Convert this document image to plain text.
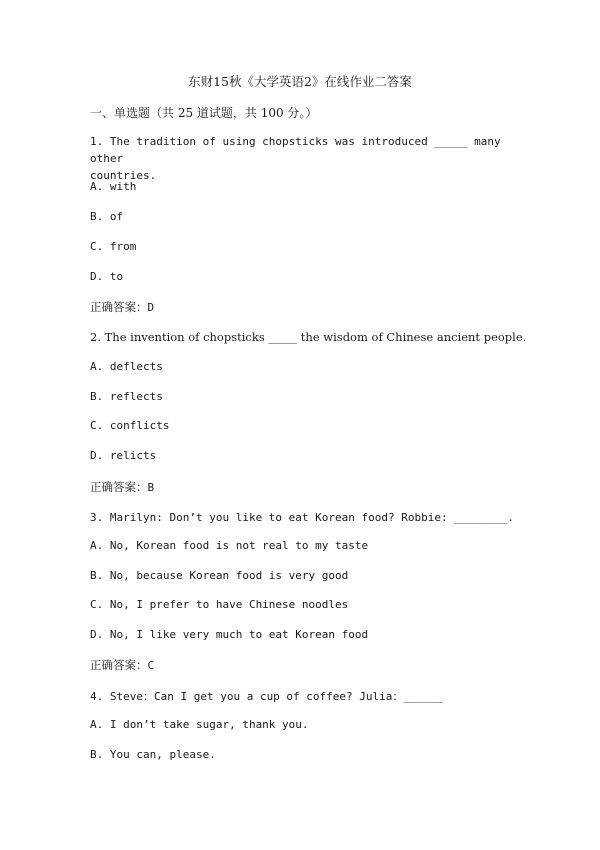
东财15秋《大学英语2》在线作业二答案
一、单选题（共 25 道试题，共 100 分。）
1. The tradition of using chopsticks was introduced _____ many other
countries.
A. with
B. of
C. from
D. to
正确答案：D
2. The invention of chopsticks _____ the wisdom of Chinese ancient people.
A. deflects
B. reflects
C. conflicts
D. relicts
正确答案：B
3. Marilyn: Don’t you like to eat Korean food? Robbie: ________.
A. No, Korean food is not real to my taste
B. No, because Korean food is very good
C. No, I prefer to have Chinese noodles
D. No, I like very much to eat Korean food
正确答案：C
4. Steve：Can I get you a cup of coffee? Julia：______
A. I don’t take sugar, thank you.
B. You can, please.
